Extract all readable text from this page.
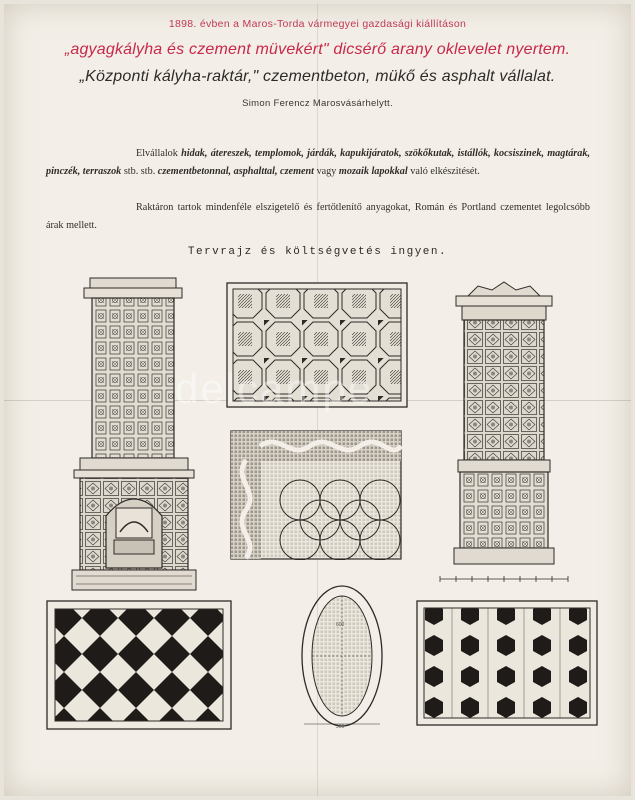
1898. évben a Maros-Torda vármegyei gazdasági kiállításon
„agyagkályha és czement müvekért" dicsérő arany oklevelet nyertem.
„Központi kályha-raktár," czementbeton, mükő és asphalt vállalat.
Simon Ferencz Marosvásárhelytt.
Elvállalok hidak, átereszek, templomok, járdák, kapukijáratok, szökőkutak, istállók, kocsiszinek, magtárak, pinczék, terraszok stb. stb. czementbetonnal, asphalttal, czement vagy mozaik lapokkal való elkészitését.
Raktáron tartok mindenféle elszigetelő és fertőtlenítő anyagokat, Román és Portland czementet legolcsóbb árak mellett.
Tervrajz és költségvetés ingyen.
600
900
delcampe
